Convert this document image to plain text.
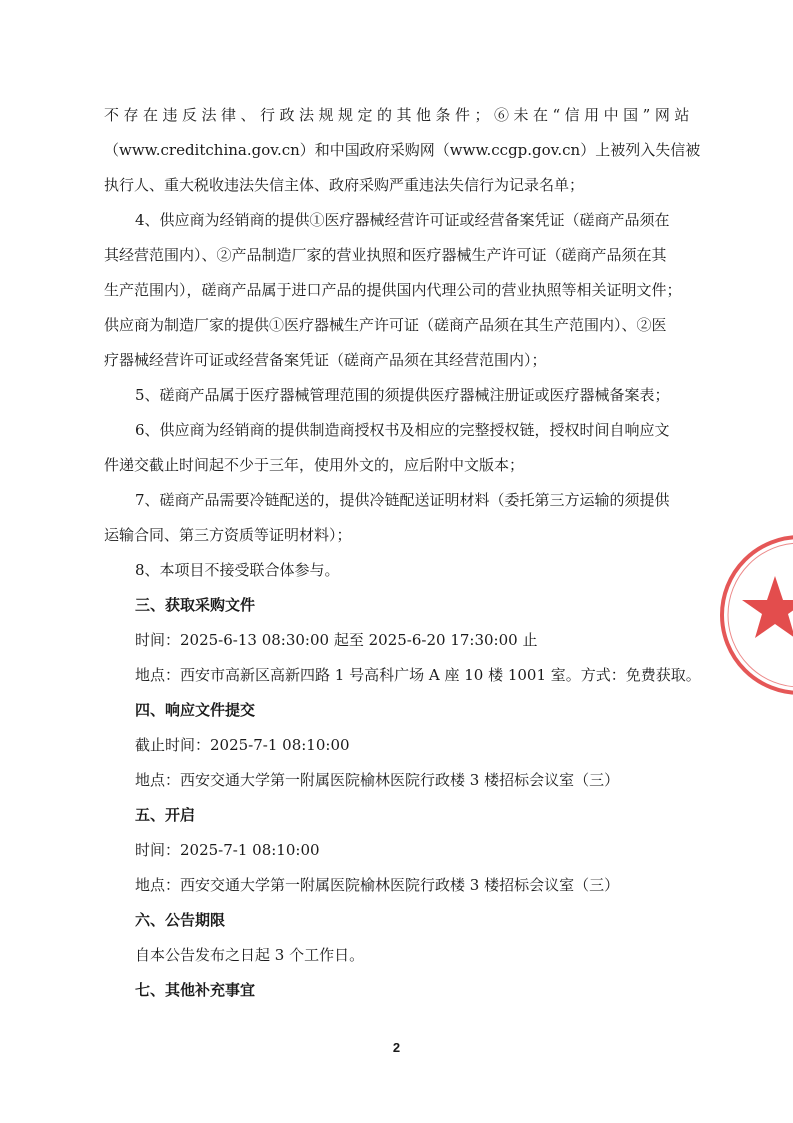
不存在违反法律、行政法规规定的其他条件；⑥未在“信用中国”网站
（www.creditchina.gov.cn）和中国政府采购网（www.ccgp.gov.cn）上被列入失信被
执行人、重大税收违法失信主体、政府采购严重违法失信行为记录名单；
4、供应商为经销商的提供①医疗器械经营许可证或经营备案凭证（磋商产品须在
其经营范围内）、②产品制造厂家的营业执照和医疗器械生产许可证（磋商产品须在其
生产范围内），磋商产品属于进口产品的提供国内代理公司的营业执照等相关证明文件；
供应商为制造厂家的提供①医疗器械生产许可证（磋商产品须在其生产范围内）、②医
疗器械经营许可证或经营备案凭证（磋商产品须在其经营范围内）；
5、磋商产品属于医疗器械管理范围的须提供医疗器械注册证或医疗器械备案表；
6、供应商为经销商的提供制造商授权书及相应的完整授权链，授权时间自响应文
件递交截止时间起不少于三年，使用外文的，应后附中文版本；
7、磋商产品需要冷链配送的，提供冷链配送证明材料（委托第三方运输的须提供
运输合同、第三方资质等证明材料）；
8、本项目不接受联合体参与。
三、获取采购文件
时间：2025-6-13 08:30:00 起至 2025-6-20 17:30:00 止
地点：西安市高新区高新四路 1 号高科广场 A 座 10 楼 1001 室。方式：免费获取。
四、响应文件提交
截止时间：2025-7-1 08:10:00
地点：西安交通大学第一附属医院榆林医院行政楼 3 楼招标会议室（三）
五、开启
时间：2025-7-1 08:10:00
地点：西安交通大学第一附属医院榆林医院行政楼 3 楼招标会议室（三）
六、公告期限
自本公告发布之日起 3 个工作日。
七、其他补充事宜
2
